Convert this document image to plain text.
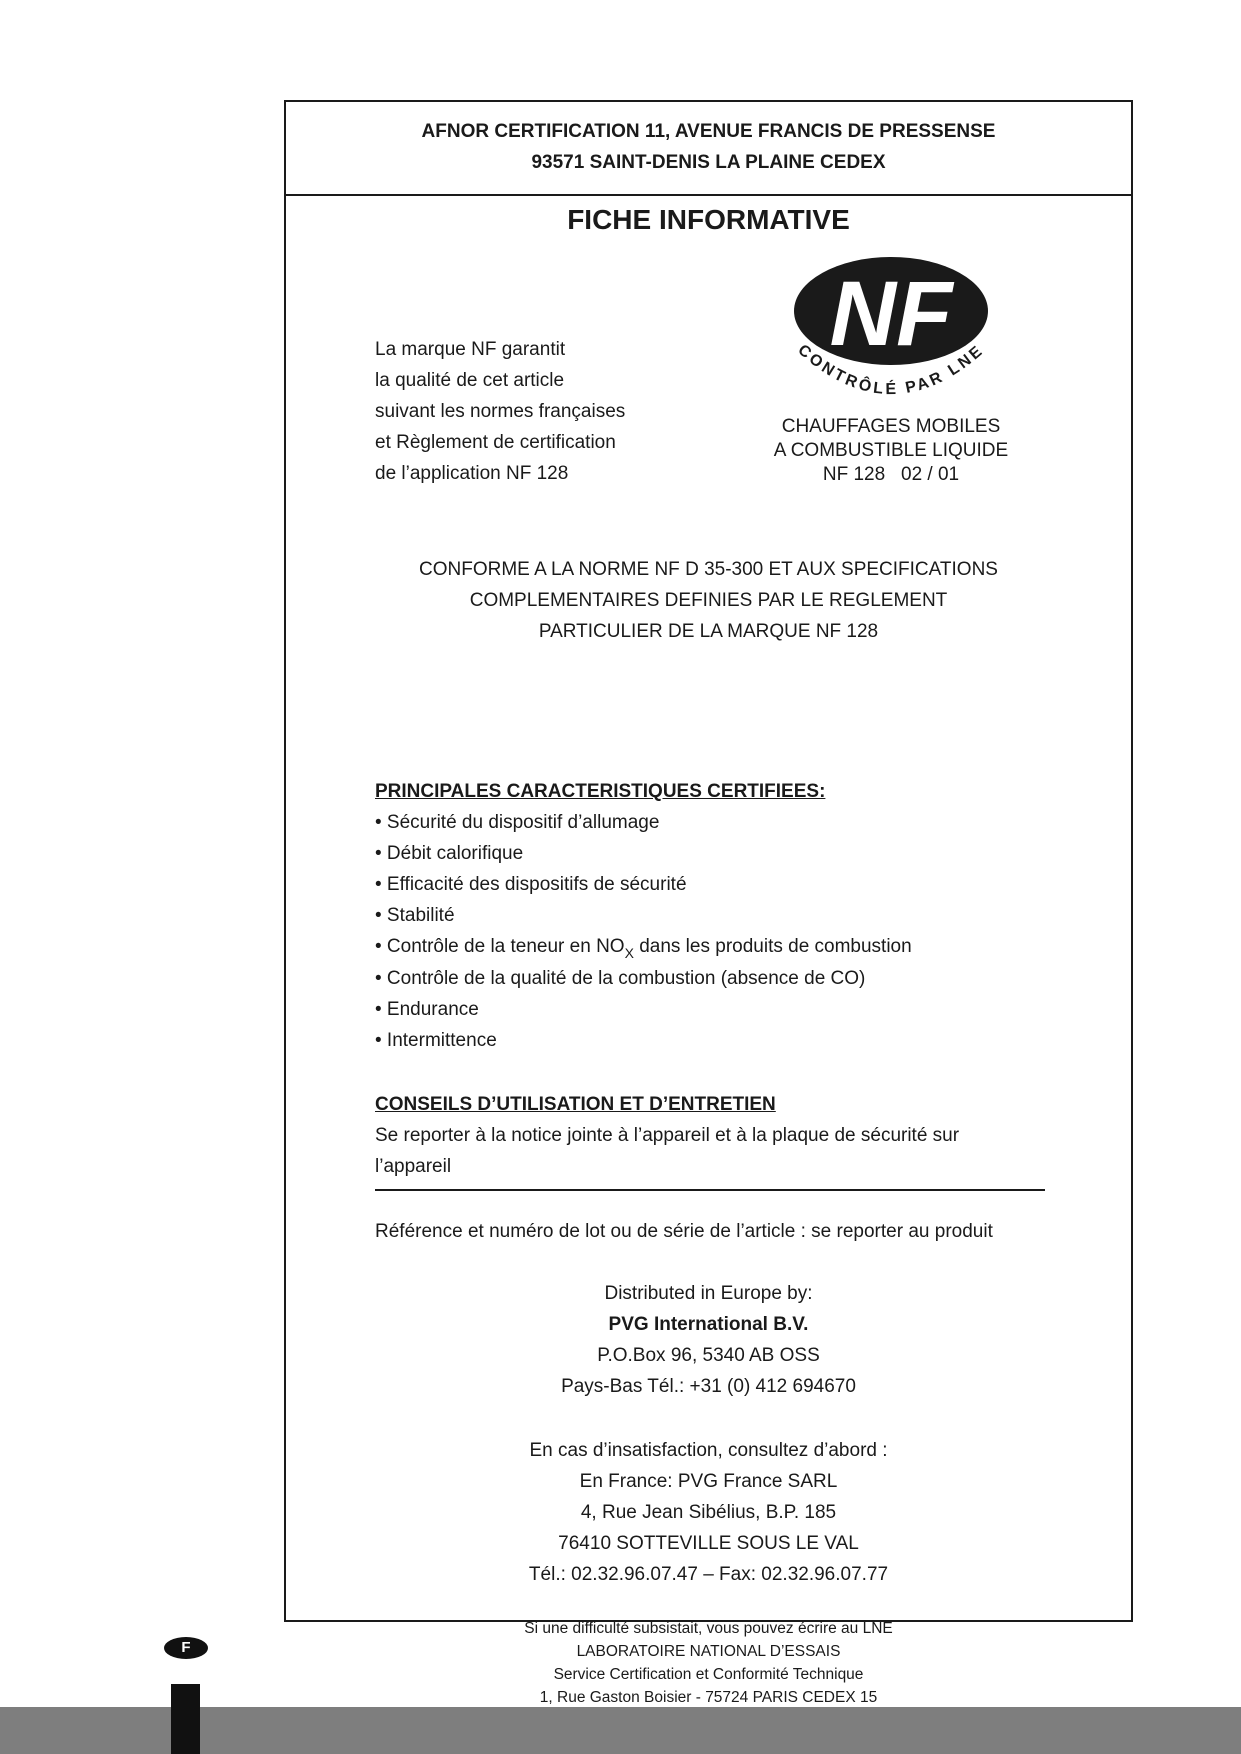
AFNOR CERTIFICATION 11, AVENUE FRANCIS DE PRESSENSE
93571 SAINT-DENIS LA PLAINE CEDEX
FICHE INFORMATIVE
La marque NF garantit
la qualité de cet article
suivant les normes françaises
et Règlement de certification
de l’application NF 128
NF
CONTRÔLÉ PAR LNE
CHAUFFAGES MOBILES
A COMBUSTIBLE LIQUIDE
NF 128   02 / 01
CONFORME A LA NORME NF D 35-300 ET AUX SPECIFICATIONS
COMPLEMENTAIRES DEFINIES PAR LE REGLEMENT
PARTICULIER DE LA MARQUE NF 128
PRINCIPALES CARACTERISTIQUES CERTIFIEES:
• Sécurité du dispositif d’allumage
• Débit calorifique
• Efficacité des dispositifs de sécurité
• Stabilité
• Contrôle de la teneur en $NO_X$ dans les produits de combustion
• Contrôle de la qualité de la combustion (absence de CO)
• Endurance
• Intermittence
CONSEILS D’UTILISATION ET D’ENTRETIEN
Se reporter à la notice jointe à l’appareil et à la plaque de sécurité sur
l’appareil
Référence et numéro de lot ou de série de l’article : se reporter au produit
Distributed in Europe by:
PVG International B.V.
P.O.Box 96, 5340 AB OSS
Pays-Bas Tél.: +31 (0) 412 694670
En cas d’insatisfaction, consultez d’abord :
En France: PVG France SARL
4, Rue Jean Sibélius, B.P. 185
76410 SOTTEVILLE SOUS LE VAL
Tél.: 02.32.96.07.47 – Fax: 02.32.96.07.77
Si une difficulté subsistait, vous pouvez écrire au LNE
LABORATOIRE NATIONAL D’ESSAIS
Service Certification et Conformité Technique
1, Rue Gaston Boisier - 75724 PARIS CEDEX 15
F
